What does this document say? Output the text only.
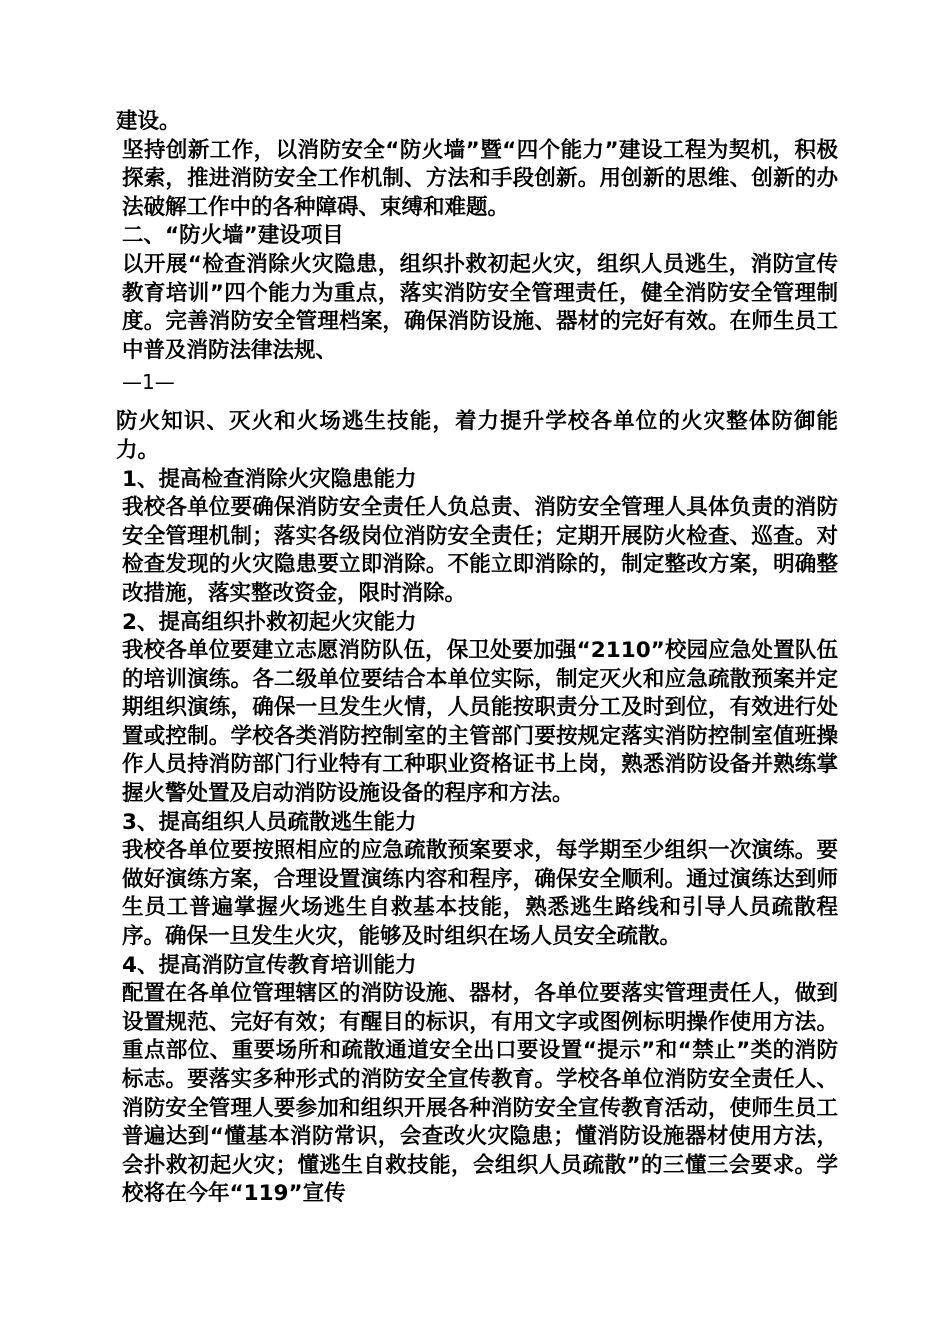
建设。

坚持创新工作，以消防安全“防火墙”暨“四个能力”建设工程为契机，积极探索，推进消防安全工作机制、方法和手段创新。用创新的思维、创新的办法破解工作中的各种障碍、束缚和难题。

二、“防火墙”建设项目

以开展“检查消除火灾隐患，组织扑救初起火灾，组织人员逃生，消防宣传教育培训”四个能力为重点，落实消防安全管理责任，健全消防安全管理制度。完善消防安全管理档案，确保消防设施、器材的完好有效。在师生员工中普及消防法律法规、

—1—

防火知识、灭火和火场逃生技能，着力提升学校各单位的火灾整体防御能力。

1、提高检查消除火灾隐患能力

我校各单位要确保消防安全责任人负总责、消防安全管理人具体负责的消防安全管理机制；落实各级岗位消防安全责任；定期开展防火检查、巡查。对检查发现的火灾隐患要立即消除。不能立即消除的，制定整改方案，明确整改措施，落实整改资金，限时消除。

2、提高组织扑救初起火灾能力

我校各单位要建立志愿消防队伍，保卫处要加强“2110”校园应急处置队伍的培训演练。各二级单位要结合本单位实际，制定灭火和应急疏散预案并定期组织演练，确保一旦发生火情，人员能按职责分工及时到位，有效进行处置或控制。学校各类消防控制室的主管部门要按规定落实消防控制室值班操作人员持消防部门行业特有工种职业资格证书上岗，熟悉消防设备并熟练掌握火警处置及启动消防设施设备的程序和方法。

3、提高组织人员疏散逃生能力

我校各单位要按照相应的应急疏散预案要求，每学期至少组织一次演练。要做好演练方案，合理设置演练内容和程序，确保安全顺利。通过演练达到师生员工普遍掌握火场逃生自救基本技能，熟悉逃生路线和引导人员疏散程序。确保一旦发生火灾，能够及时组织在场人员安全疏散。

4、提高消防宣传教育培训能力

配置在各单位管理辖区的消防设施、器材，各单位要落实管理责任人，做到设置规范、完好有效；有醒目的标识，有用文字或图例标明操作使用方法。重点部位、重要场所和疏散通道安全出口要设置“提示”和“禁止”类的消防标志。要落实多种形式的消防安全宣传教育。学校各单位消防安全责任人、消防安全管理人要参加和组织开展各种消防安全宣传教育活动，使师生员工普遍达到“懂基本消防常识，会查改火灾隐患；懂消防设施器材使用方法，会扑救初起火灾；懂逃生自救技能，会组织人员疏散”的三懂三会要求。学校将在今年“119”宣传
